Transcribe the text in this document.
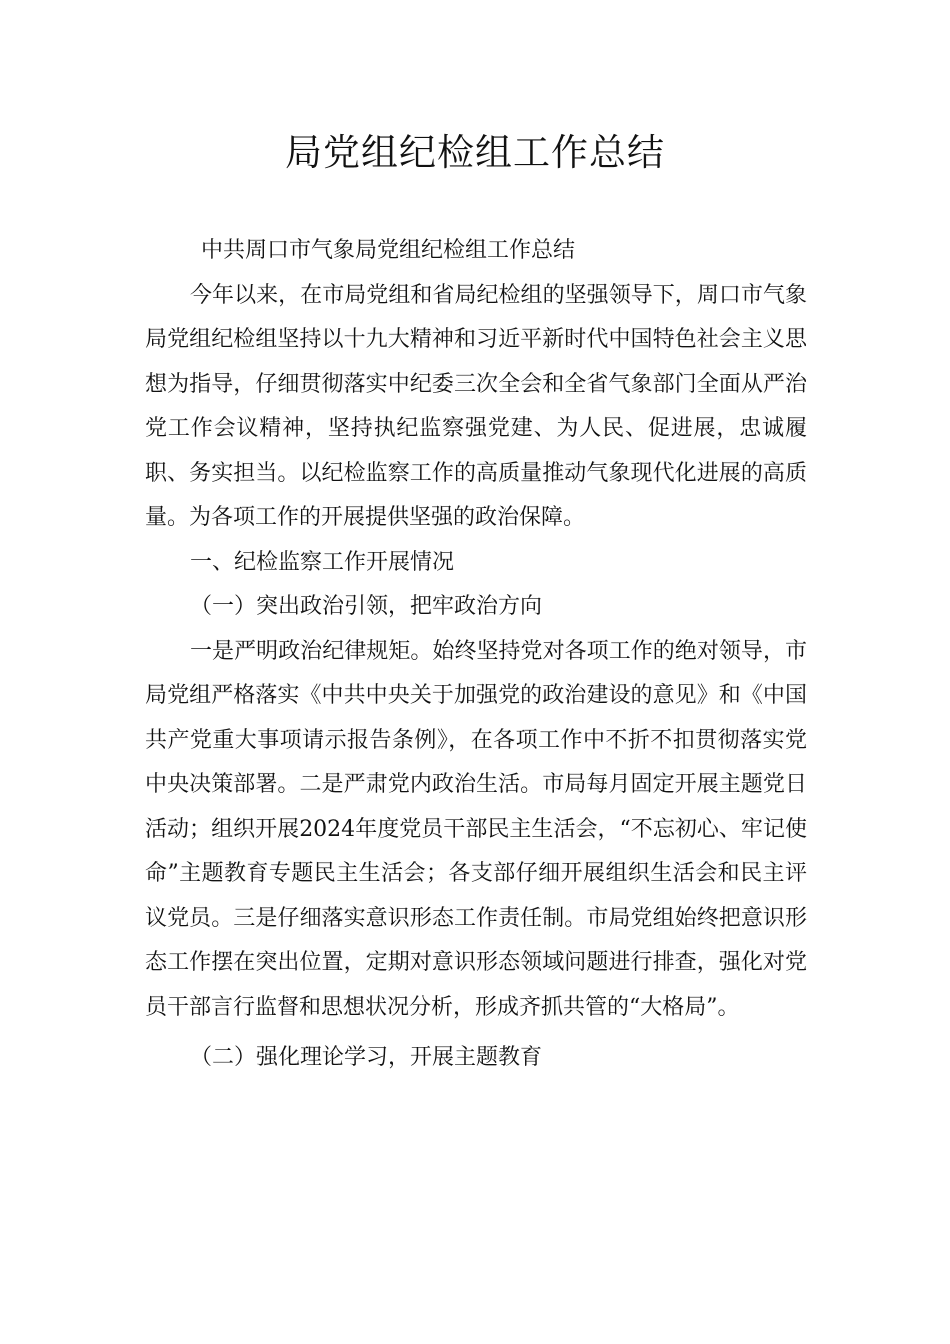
局党组纪检组工作总结

中共周口市气象局党组纪检组工作总结

今年以来，在市局党组和省局纪检组的坚强领导下，周口市气象局党组纪检组坚持以十九大精神和习近平新时代中国特色社会主义思想为指导，仔细贯彻落实中纪委三次全会和全省气象部门全面从严治党工作会议精神，坚持执纪监察强党建、为人民、促进展，忠诚履职、务实担当。以纪检监察工作的高质量推动气象现代化进展的高质量。为各项工作的开展提供坚强的政治保障。

一、纪检监察工作开展情况

（一）突出政治引领，把牢政治方向

一是严明政治纪律规矩。始终坚持党对各项工作的绝对领导，市局党组严格落实《中共中央关于加强党的政治建设的意见》和《中国共产党重大事项请示报告条例》，在各项工作中不折不扣贯彻落实党中央决策部署。二是严肃党内政治生活。市局每月固定开展主题党日活动；组织开展2024年度党员干部民主生活会，“不忘初心、牢记使命”主题教育专题民主生活会；各支部仔细开展组织生活会和民主评议党员。三是仔细落实意识形态工作责任制。市局党组始终把意识形态工作摆在突出位置，定期对意识形态领域问题进行排查，强化对党员干部言行监督和思想状况分析，形成齐抓共管的“大格局”。

（二）强化理论学习，开展主题教育
